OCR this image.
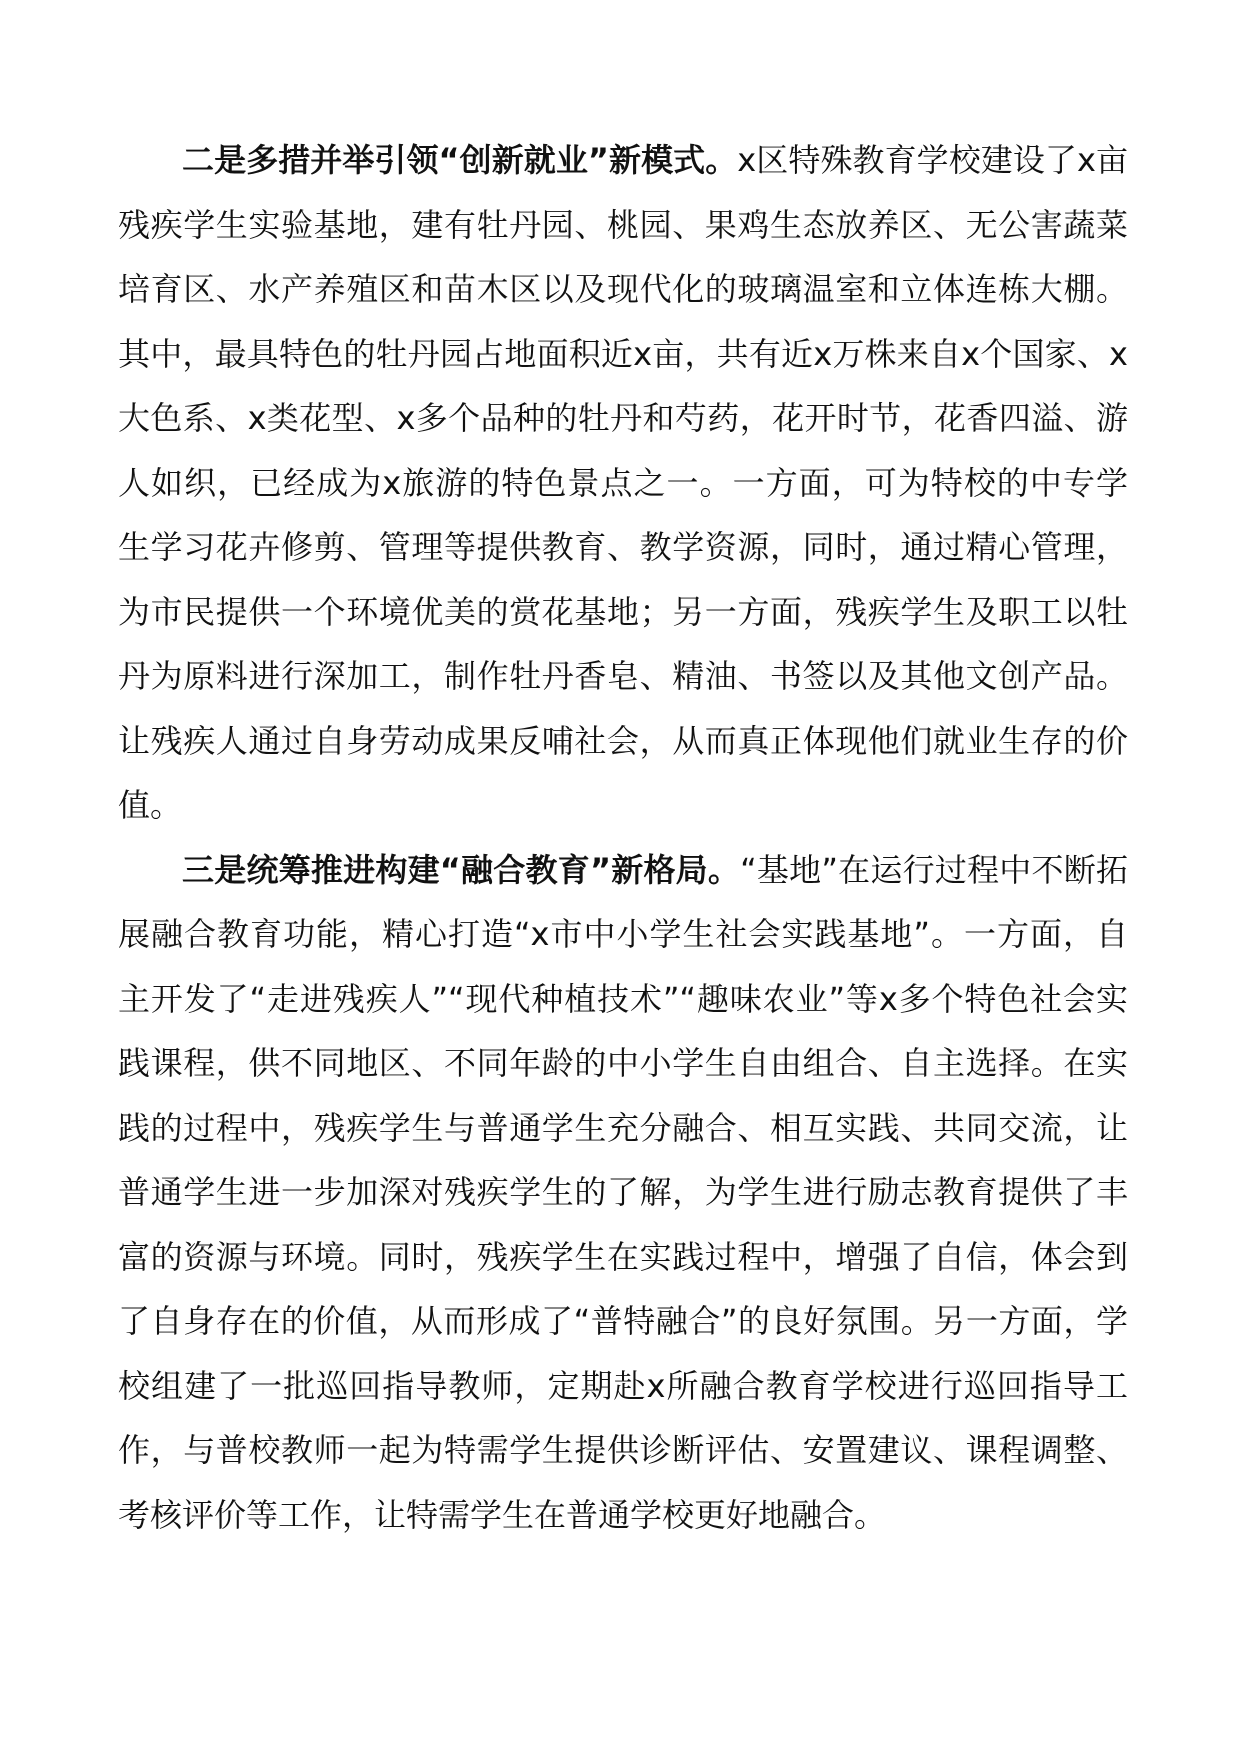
二是多措并举引领“创新就业”新模式。x区特殊教育学校建设了x亩残疾学生实验基地，建有牡丹园、桃园、果鸡生态放养区、无公害蔬菜培育区、水产养殖区和苗木区以及现代化的玻璃温室和立体连栋大棚。其中，最具特色的牡丹园占地面积近x亩，共有近x万株来自x个国家、x大色系、x类花型、x多个品种的牡丹和芍药，花开时节，花香四溢、游人如织，已经成为x旅游的特色景点之一。一方面，可为特校的中专学生学习花卉修剪、管理等提供教育、教学资源，同时，通过精心管理，为市民提供一个环境优美的赏花基地；另一方面，残疾学生及职工以牡丹为原料进行深加工，制作牡丹香皂、精油、书签以及其他文创产品。让残疾人通过自身劳动成果反哺社会，从而真正体现他们就业生存的价值。

三是统筹推进构建“融合教育”新格局。“基地”在运行过程中不断拓展融合教育功能，精心打造“x市中小学生社会实践基地”。一方面，自主开发了“走进残疾人”“现代种植技术”“趣味农业”等x多个特色社会实践课程，供不同地区、不同年龄的中小学生自由组合、自主选择。在实践的过程中，残疾学生与普通学生充分融合、相互实践、共同交流，让普通学生进一步加深对残疾学生的了解，为学生进行励志教育提供了丰富的资源与环境。同时，残疾学生在实践过程中，增强了自信，体会到了自身存在的价值，从而形成了“普特融合”的良好氛围。另一方面，学校组建了一批巡回指导教师，定期赴x所融合教育学校进行巡回指导工作，与普校教师一起为特需学生提供诊断评估、安置建议、课程调整、考核评价等工作，让特需学生在普通学校更好地融合。
